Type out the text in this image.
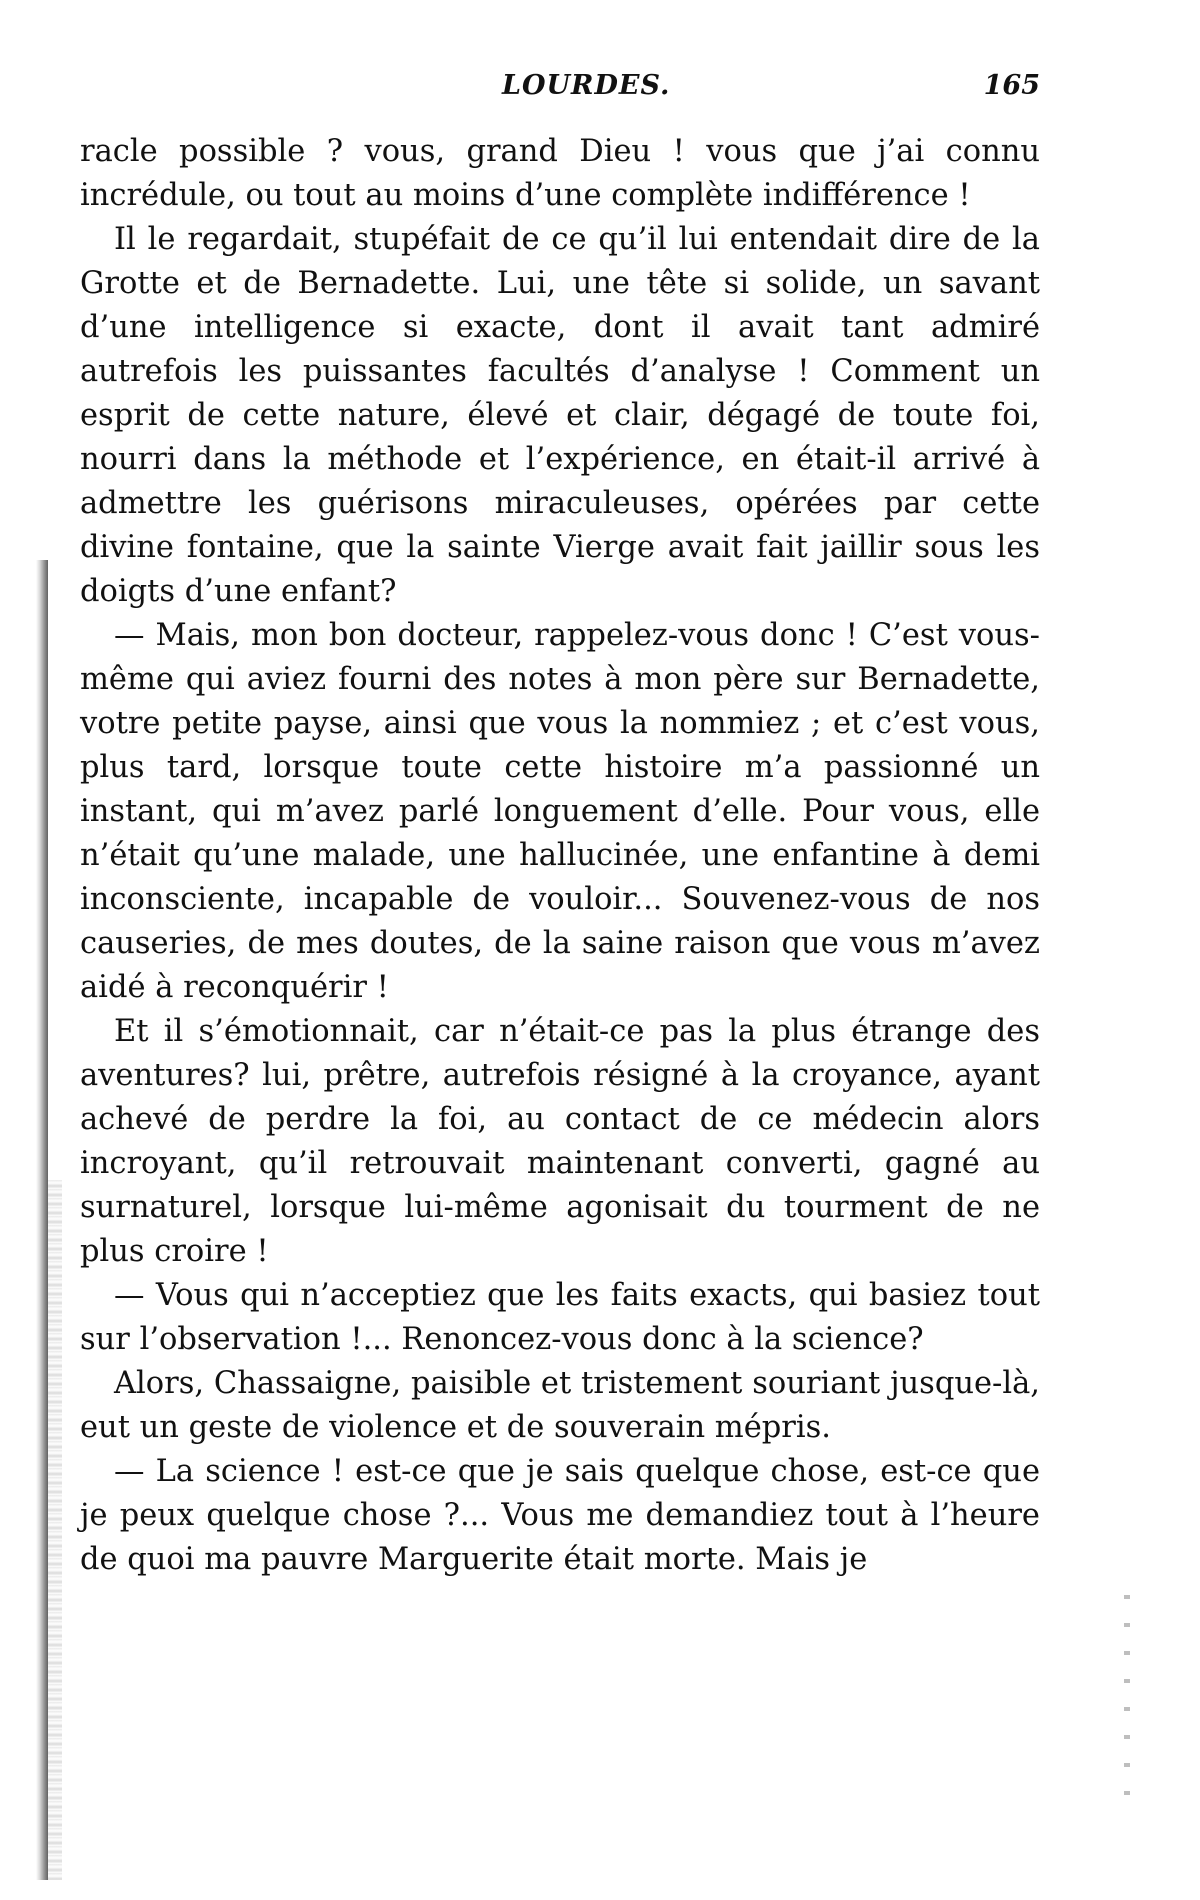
LOURDES.	165

racle possible ? vous, grand Dieu ! vous que j’ai connu incrédule, ou tout au moins d’une complète indifférence !

Il le regardait, stupéfait de ce qu’il lui entendait dire de la Grotte et de Bernadette. Lui, une tête si solide, un savant d’une intelligence si exacte, dont il avait tant admiré autrefois les puissantes facultés d’analyse ! Comment un esprit de cette nature, élevé et clair, dégagé de toute foi, nourri dans la méthode et l’expérience, en était-il arrivé à admettre les guérisons miraculeuses, opérées par cette divine fontaine, que la sainte Vierge avait fait jaillir sous les doigts d’une enfant?

— Mais, mon bon docteur, rappelez-vous donc ! C’est vous-même qui aviez fourni des notes à mon père sur Bernadette, votre petite payse, ainsi que vous la nommiez ; et c’est vous, plus tard, lorsque toute cette histoire m’a passionné un instant, qui m’avez parlé longuement d’elle. Pour vous, elle n’était qu’une malade, une hallucinée, une enfantine à demi inconsciente, incapable de vouloir... Souvenez-vous de nos causeries, de mes doutes, de la saine raison que vous m’avez aidé à reconquérir !

Et il s’émotionnait, car n’était-ce pas la plus étrange des aventures? lui, prêtre, autrefois résigné à la croyance, ayant achevé de perdre la foi, au contact de ce médecin alors incroyant, qu’il retrouvait maintenant converti, gagné au surnaturel, lorsque lui-même agonisait du tourment de ne plus croire !

— Vous qui n’acceptiez que les faits exacts, qui basiez tout sur l’observation !... Renoncez-vous donc à la science?

Alors, Chassaigne, paisible et tristement souriant jusque-là, eut un geste de violence et de souverain mépris.

— La science ! est-ce que je sais quelque chose, est-ce que je peux quelque chose ?... Vous me demandiez tout à l’heure de quoi ma pauvre Marguerite était morte. Mais je
